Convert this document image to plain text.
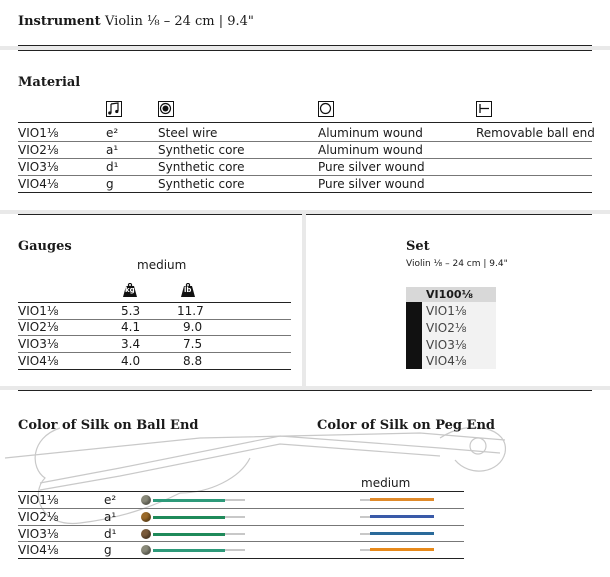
Instrument Violin ⅛ – 24 cm | 9.4"
Material
VIO1⅛	e²	Steel wire	Aluminum wound	Removable ball end
VIO2⅛	a¹	Synthetic core	Aluminum wound
VIO3⅛	d¹	Synthetic core	Pure silver wound
VIO4⅛	g	Synthetic core	Pure silver wound
Gauges
medium
kg	lb
VIO1⅛	5.3	11.7
VIO2⅛	4.1	9.0
VIO3⅛	3.4	7.5
VIO4⅛	4.0	8.8
Set
Violin ⅛ – 24 cm | 9.4"
VI100⅛
VIO1⅛
VIO2⅛
VIO3⅛
VIO4⅛
Color of Silk on Ball End	Color of Silk on Peg End
medium
VIO1⅛	e²
VIO2⅛	a¹
VIO3⅛	d¹
VIO4⅛	g
